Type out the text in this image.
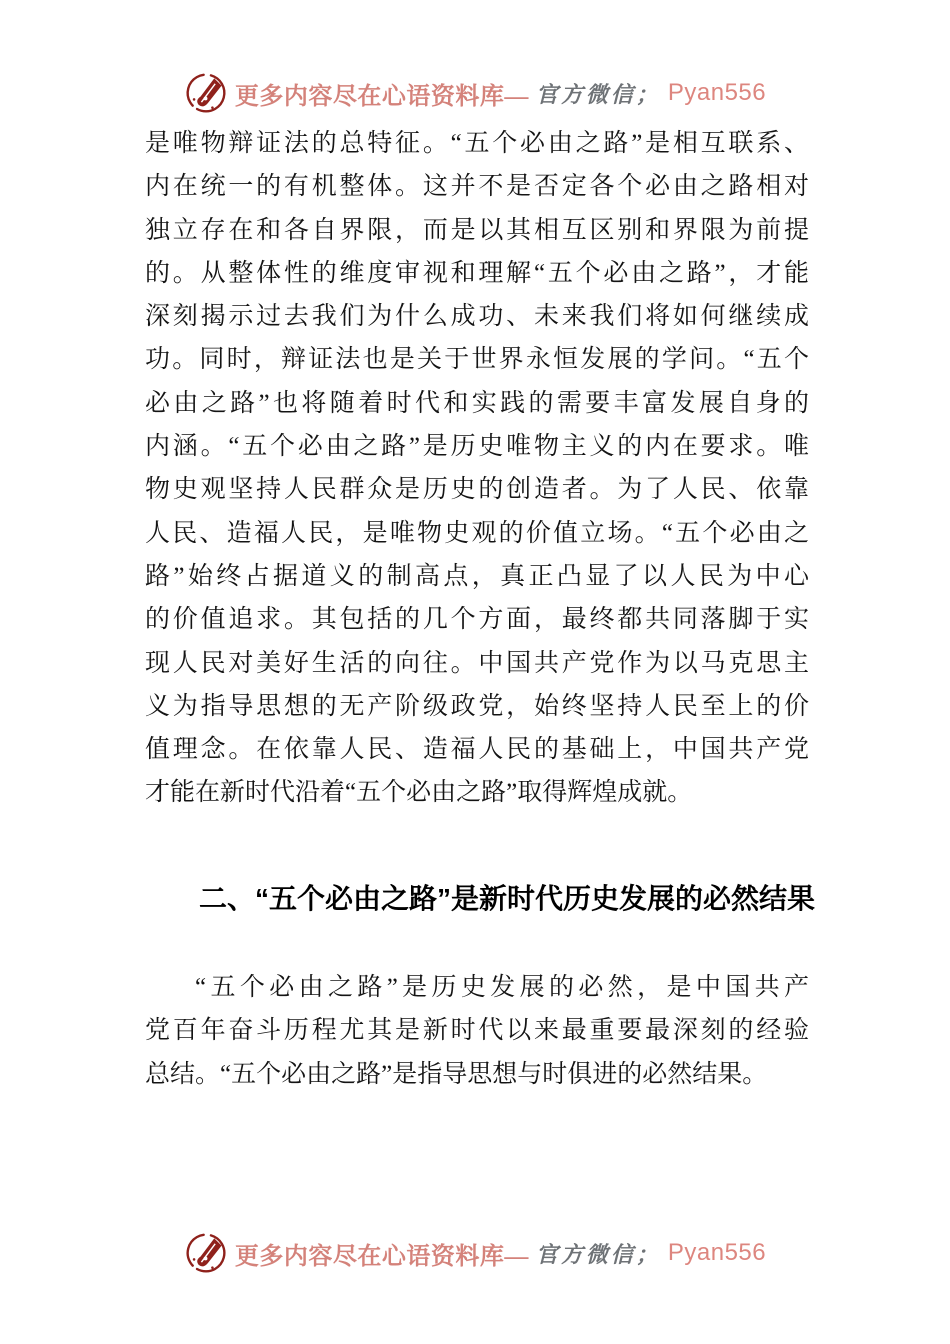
更多内容尽在心语资料库— 官方微信； Pyan556
是唯物辩证法的总特征。“五个必由之路”是相互联系、
内在统一的有机整体。这并不是否定各个必由之路相对
独立存在和各自界限，而是以其相互区别和界限为前提
的。从整体性的维度审视和理解“五个必由之路”，才能
深刻揭示过去我们为什么成功、未来我们将如何继续成
功。同时，辩证法也是关于世界永恒发展的学问。“五个
必由之路”也将随着时代和实践的需要丰富发展自身的
内涵。“五个必由之路”是历史唯物主义的内在要求。唯
物史观坚持人民群众是历史的创造者。为了人民、依靠
人民、造福人民，是唯物史观的价值立场。“五个必由之
路”始终占据道义的制高点，真正凸显了以人民为中心
的价值追求。其包括的几个方面，最终都共同落脚于实
现人民对美好生活的向往。中国共产党作为以马克思主
义为指导思想的无产阶级政党，始终坚持人民至上的价
值理念。在依靠人民、造福人民的基础上，中国共产党
才能在新时代沿着“五个必由之路”取得辉煌成就。
二、“五个必由之路”是新时代历史发展的必然结果
“五个必由之路”是历史发展的必然，是中国共产
党百年奋斗历程尤其是新时代以来最重要最深刻的经验
总结。“五个必由之路”是指导思想与时俱进的必然结果。
更多内容尽在心语资料库— 官方微信； Pyan556
